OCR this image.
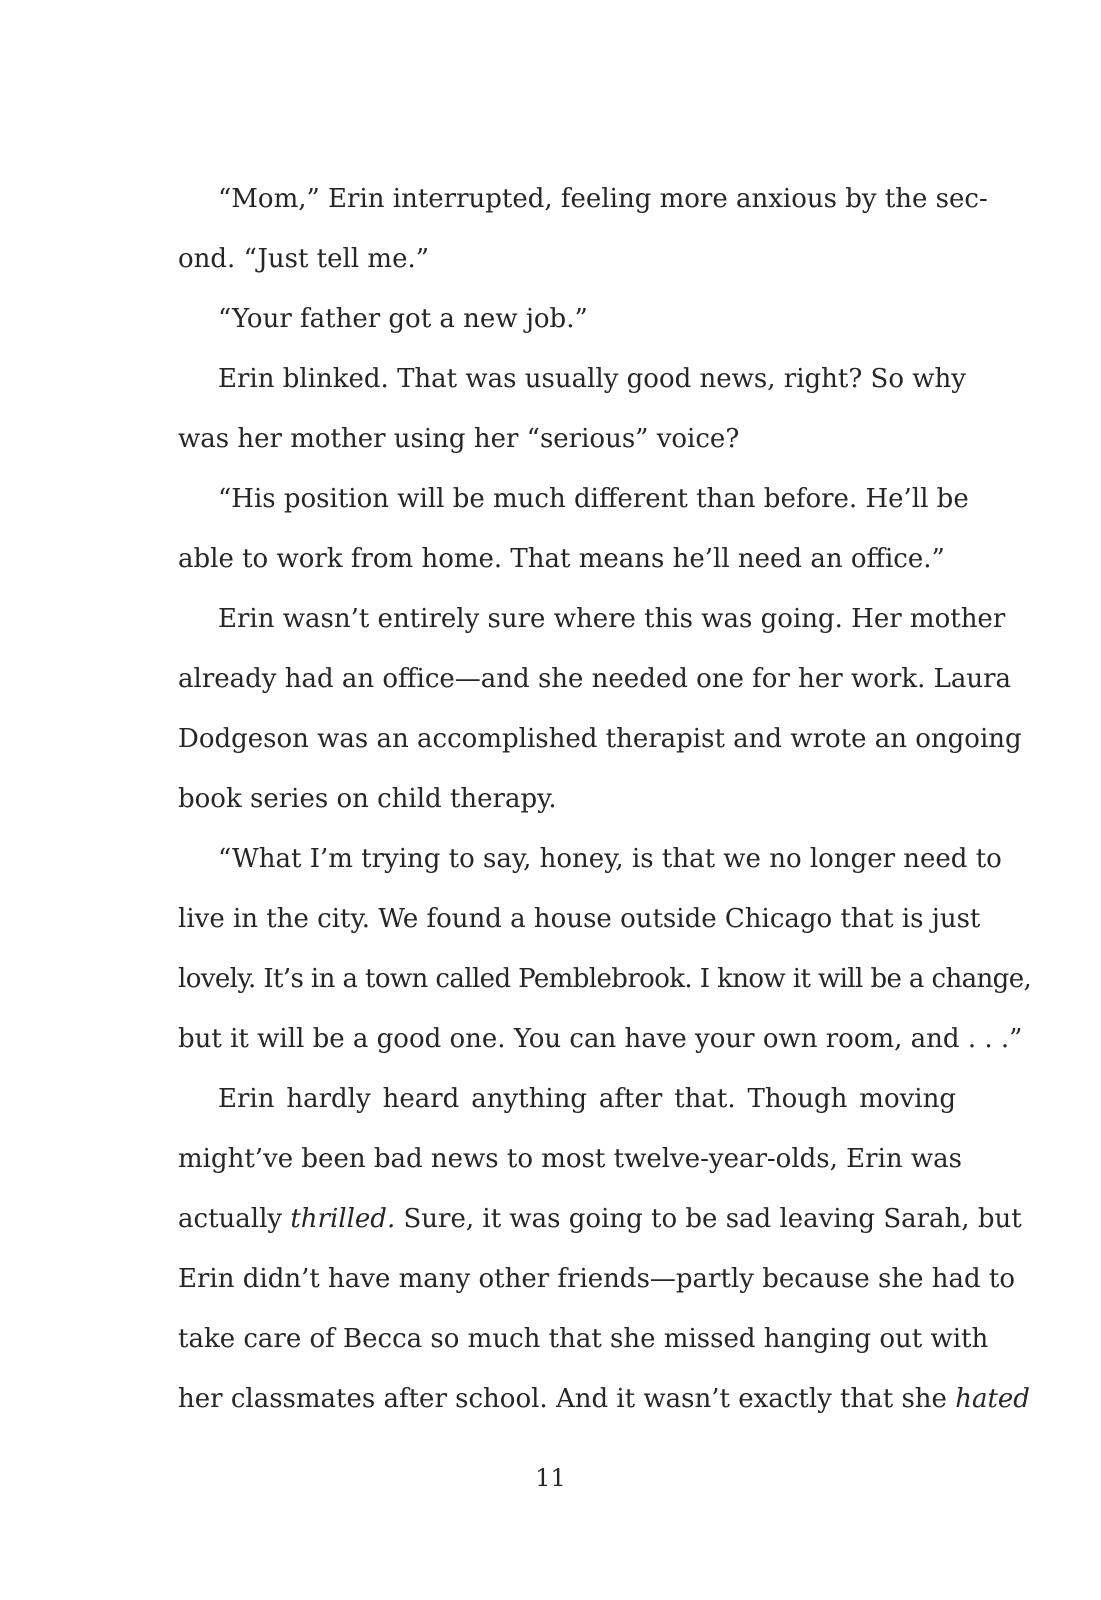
“Mom,” Erin interrupted, feeling more anxious by the sec-
ond. “Just tell me.”
“Your father got a new job.”
Erin blinked. That was usually good news, right? So why
was her mother using her “serious” voice?
“His position will be much different than before. He’ll be
able to work from home. That means he’ll need an office.”
Erin wasn’t entirely sure where this was going. Her mother
already had an office—and she needed one for her work. Laura
Dodgeson was an accomplished therapist and wrote an ongoing
book series on child therapy.
“What I’m trying to say, honey, is that we no longer need to
live in the city. We found a house outside Chicago that is just
lovely. It’s in a town called Pemblebrook. I know it will be a change,
but it will be a good one. You can have your own room, and . . .”
Erin hardly heard anything after that. Though moving
might’ve been bad news to most twelve-year-olds, Erin was
actually thrilled. Sure, it was going to be sad leaving Sarah, but
Erin didn’t have many other friends—partly because she had to
take care of Becca so much that she missed hanging out with
her classmates after school. And it wasn’t exactly that she hated
11
